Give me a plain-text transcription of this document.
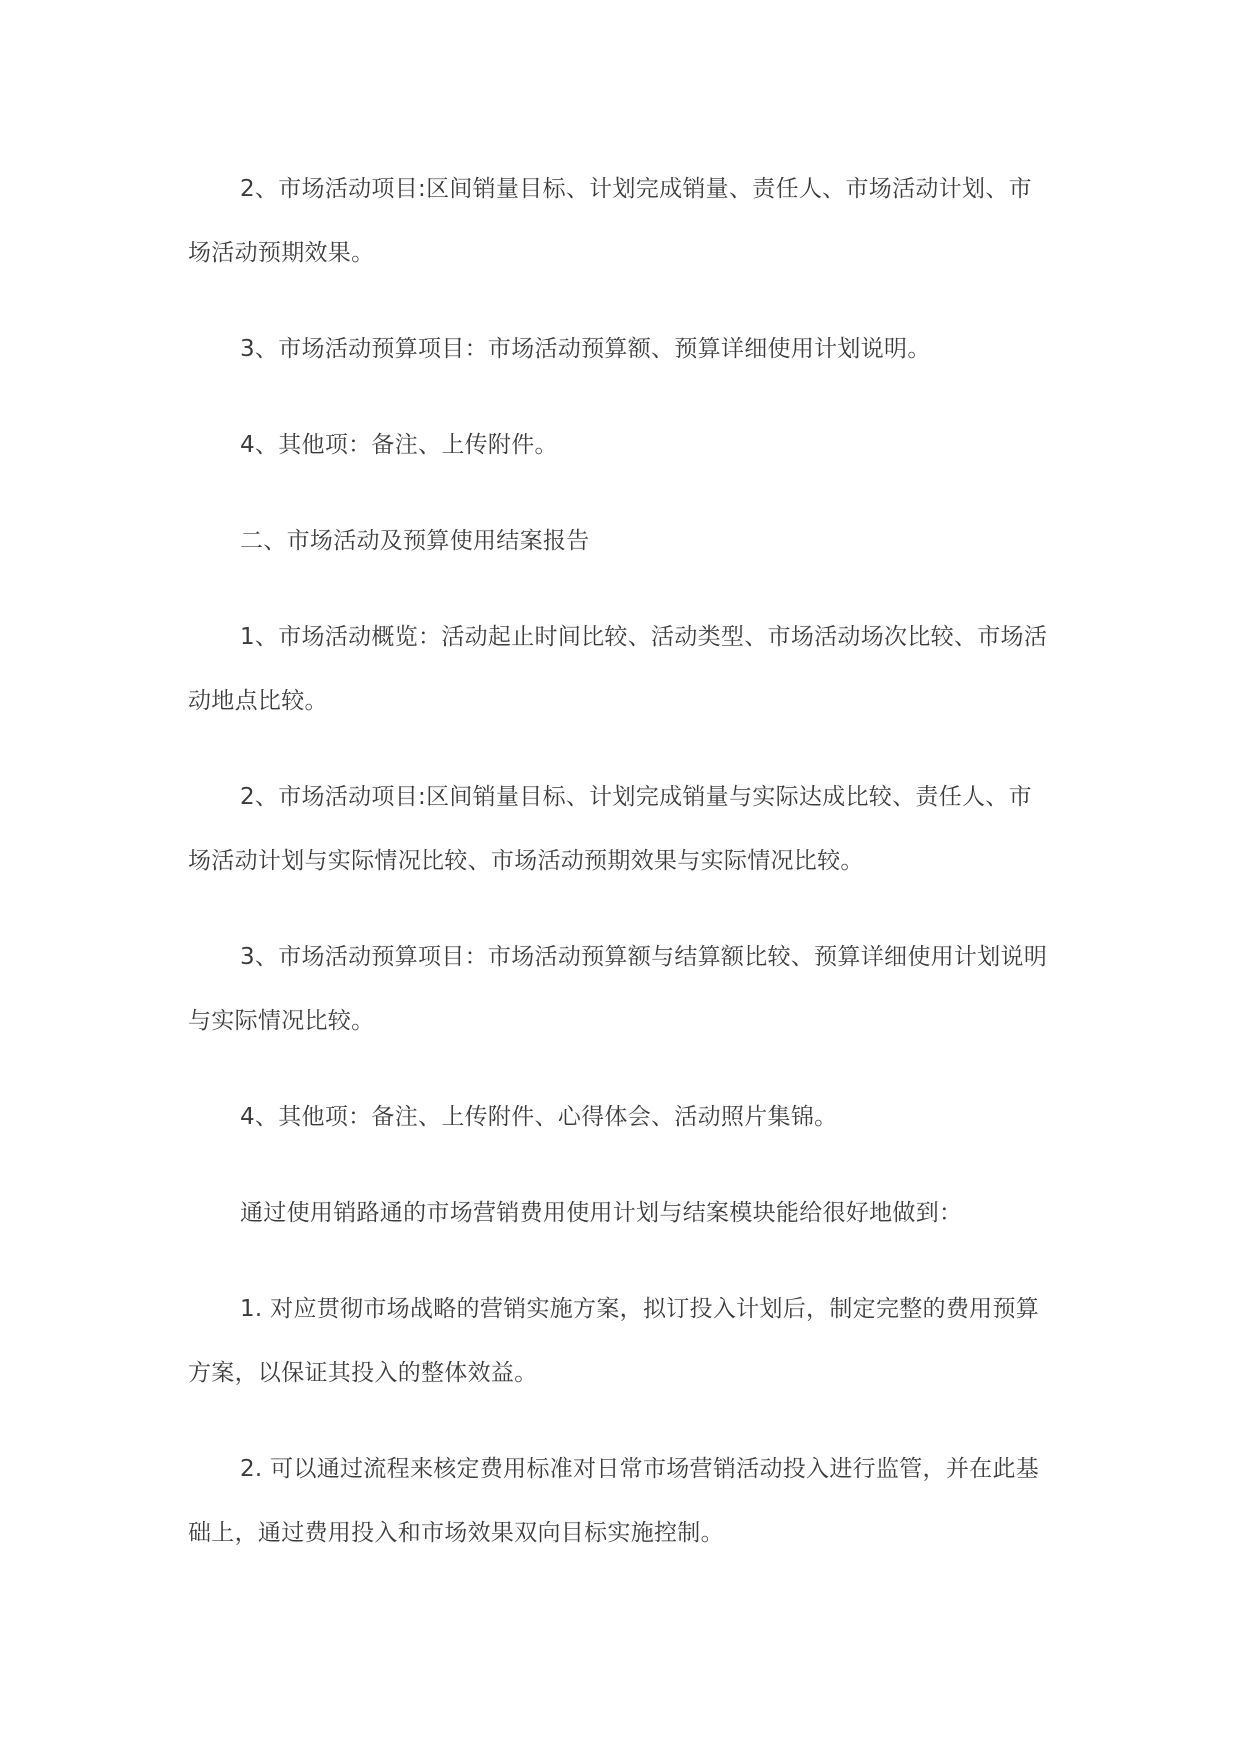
2、市场活动项目:区间销量目标、计划完成销量、责任人、市场活动计划、市场活动预期效果。

3、市场活动预算项目：市场活动预算额、预算详细使用计划说明。

4、其他项：备注、上传附件。

二、市场活动及预算使用结案报告

1、市场活动概览：活动起止时间比较、活动类型、市场活动场次比较、市场活动地点比较。

2、市场活动项目:区间销量目标、计划完成销量与实际达成比较、责任人、市场活动计划与实际情况比较、市场活动预期效果与实际情况比较。

3、市场活动预算项目：市场活动预算额与结算额比较、预算详细使用计划说明与实际情况比较。

4、其他项：备注、上传附件、心得体会、活动照片集锦。

通过使用销路通的市场营销费用使用计划与结案模块能给很好地做到：

1. 对应贯彻市场战略的营销实施方案，拟订投入计划后，制定完整的费用预算方案，以保证其投入的整体效益。

2. 可以通过流程来核定费用标准对日常市场营销活动投入进行监管，并在此基础上，通过费用投入和市场效果双向目标实施控制。
